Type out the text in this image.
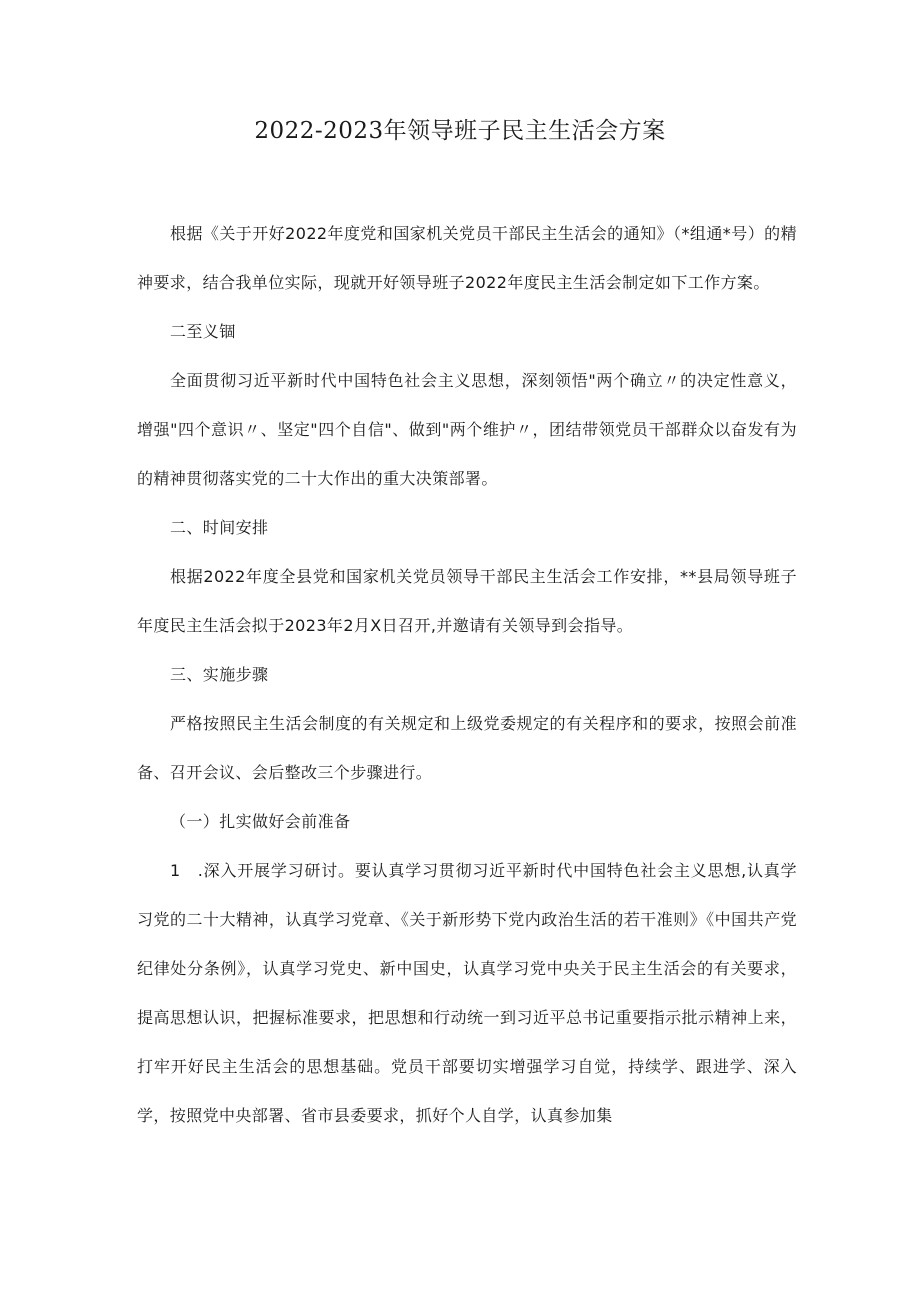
2022-2023年领导班子民主生活会方案

根据《关于开好2022年度党和国家机关党员干部民主生活会的通知》（*组通*号）的精神要求，结合我单位实际，现就开好领导班子2022年度民主生活会制定如下工作方案。

二至义锢

全面贯彻习近平新时代中国特色社会主义思想，深刻领悟"两个确立〃的决定性意义，增强"四个意识〃、坚定"四个自信"、做到"两个维护〃，团结带领党员干部群众以奋发有为的精神贯彻落实党的二十大作出的重大决策部署。

二、时间安排

根据2022年度全县党和国家机关党员领导干部民主生活会工作安排，**县局领导班子年度民主生活会拟于2023年2月X日召开,并邀请有关领导到会指导。

三、实施步骤

严格按照民主生活会制度的有关规定和上级党委规定的有关程序和的要求，按照会前准备、召开会议、会后整改三个步骤进行。

（一）扎实做好会前准备

1　.深入开展学习研讨。要认真学习贯彻习近平新时代中国特色社会主义思想,认真学习党的二十大精神，认真学习党章、《关于新形势下党内政治生活的若干准则》《中国共产党纪律处分条例》，认真学习党史、新中国史，认真学习党中央关于民主生活会的有关要求，提高思想认识，把握标准要求，把思想和行动统一到习近平总书记重要指示批示精神上来，打牢开好民主生活会的思想基础。党员干部要切实增强学习自觉，持续学、跟进学、深入学，按照党中央部署、省市县委要求，抓好个人自学，认真参加集
